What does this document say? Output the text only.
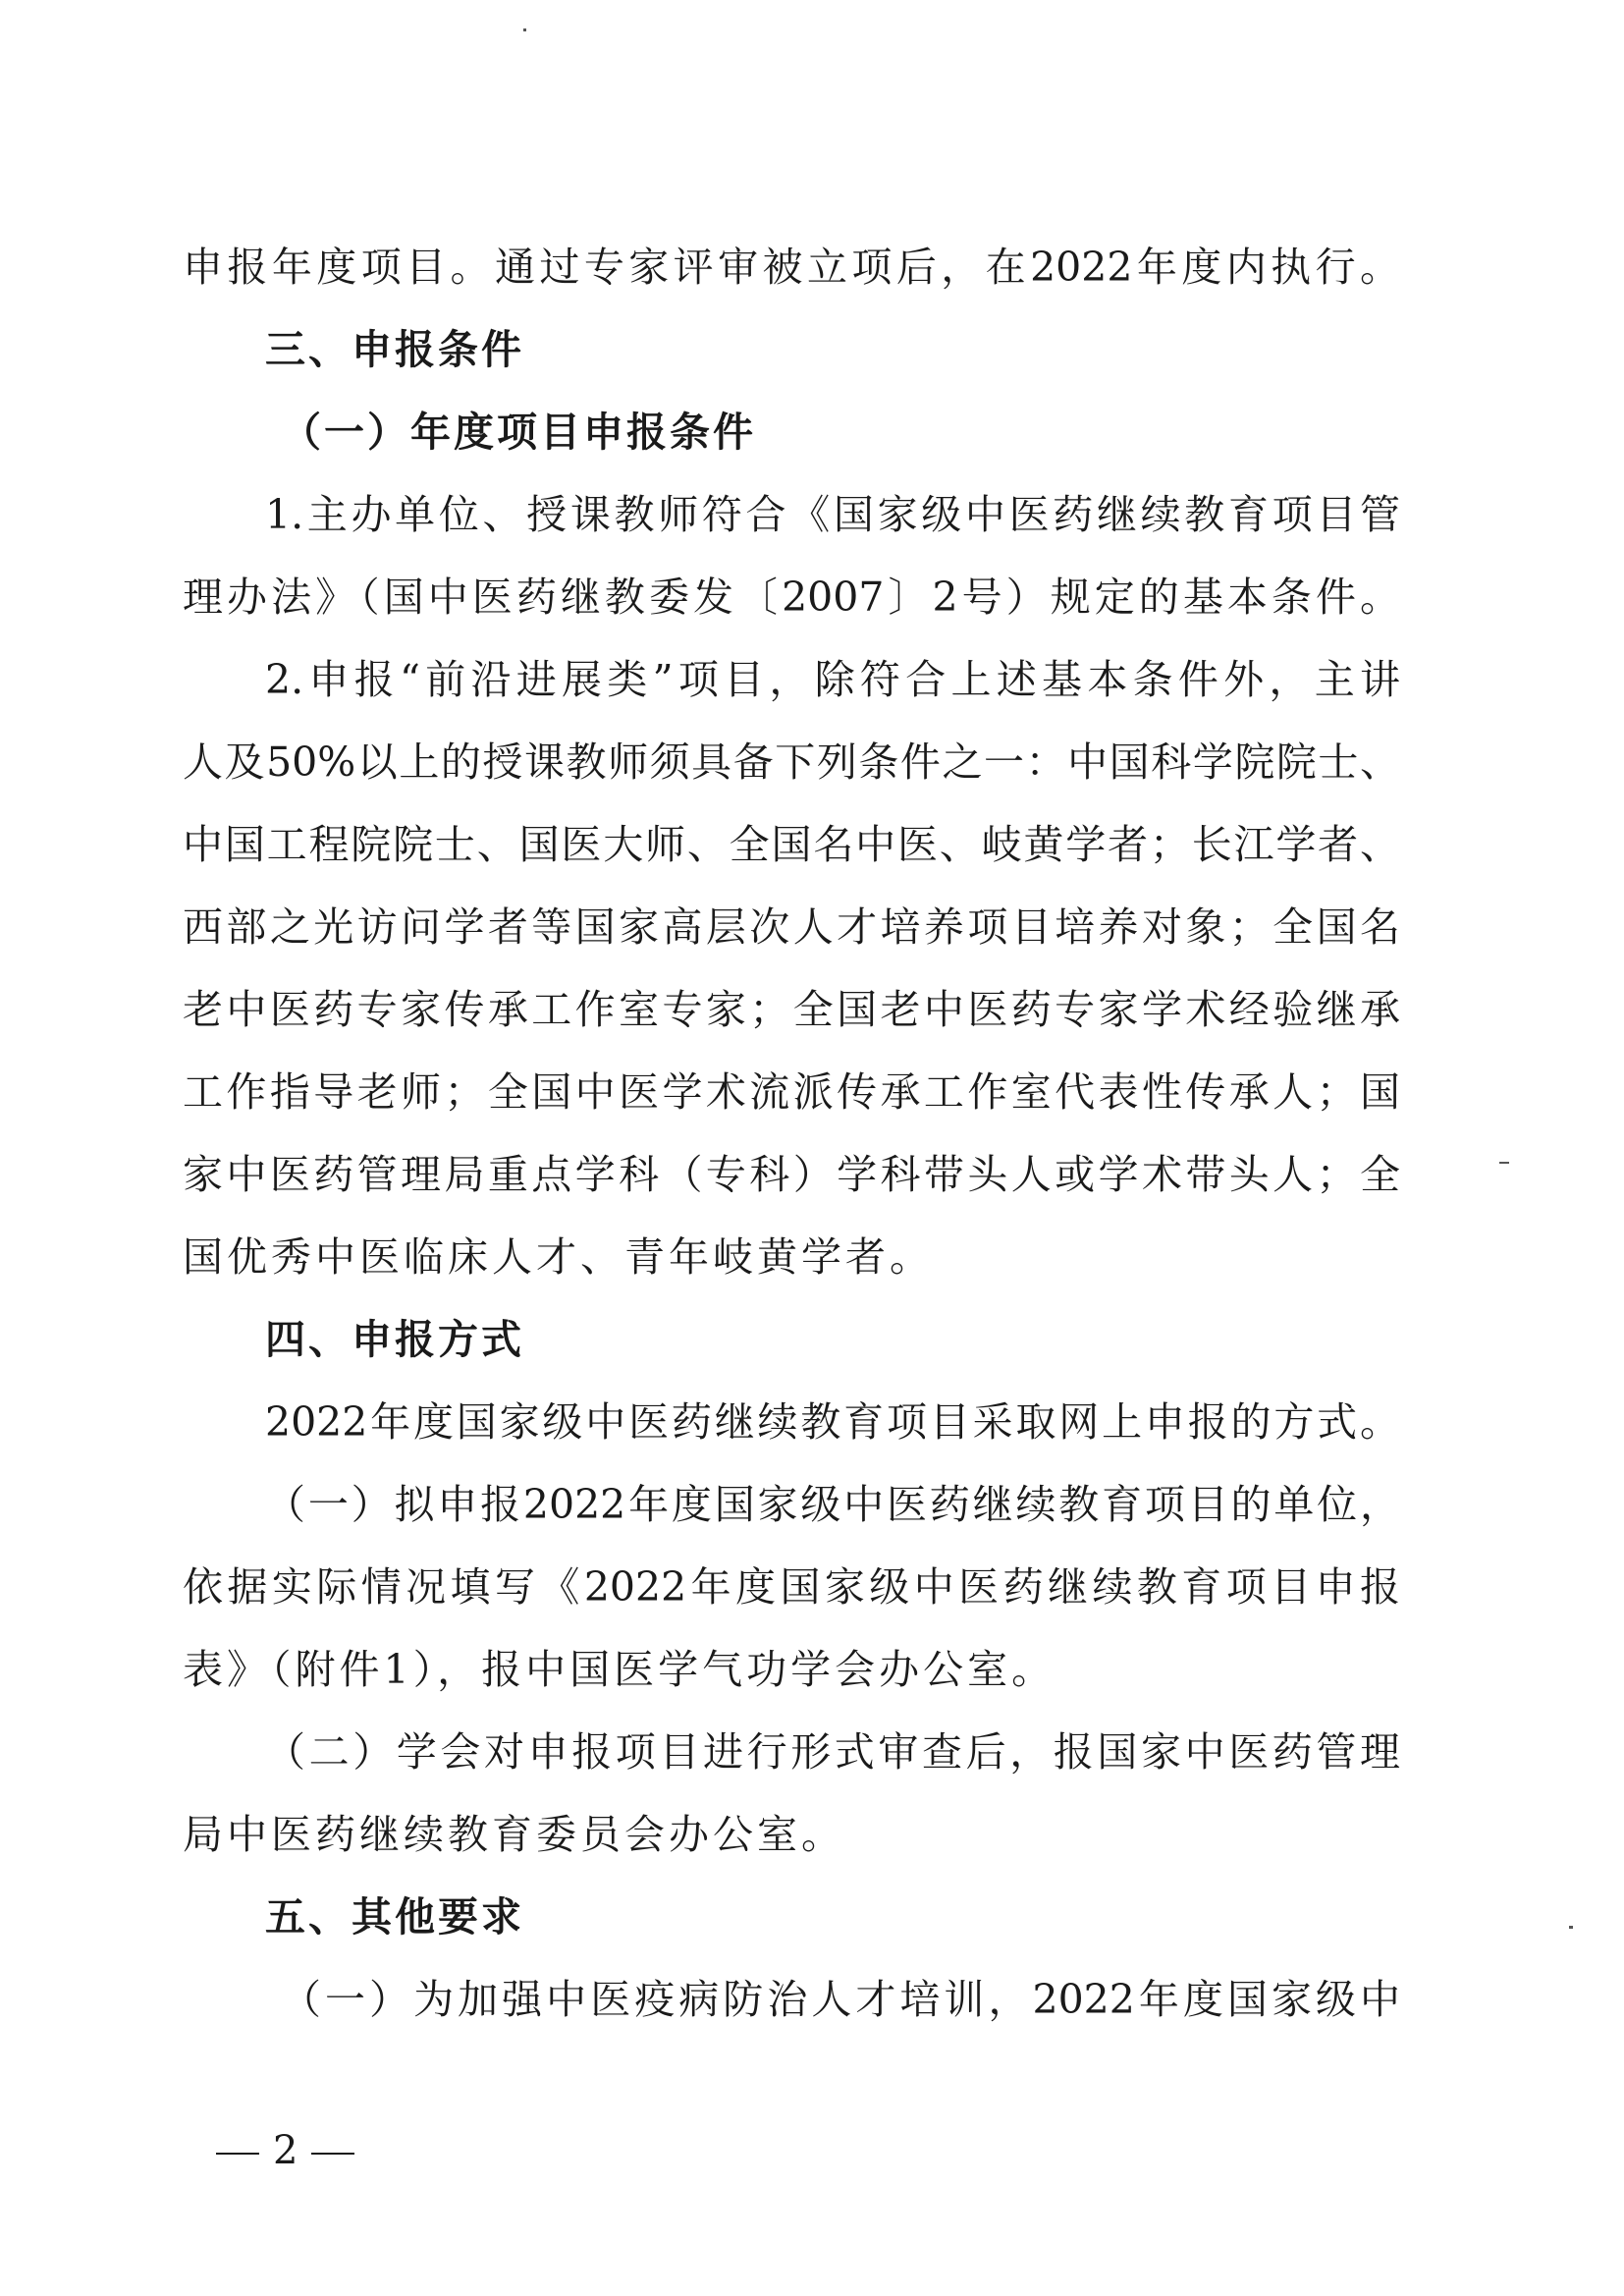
申报年度项目。通过专家评审被立项后，在2022年度内执行。
三、申报条件
（一）年度项目申报条件
1.主办单位、授课教师符合《国家级中医药继续教育项目管
理办法》（国中医药继教委发〔2007〕2号）规定的基本条件。
2.申报“前沿进展类”项目，除符合上述基本条件外，主讲
人及50%以上的授课教师须具备下列条件之一：中国科学院院士、
中国工程院院士、国医大师、全国名中医、岐黄学者；长江学者、
西部之光访问学者等国家高层次人才培养项目培养对象；全国名
老中医药专家传承工作室专家；全国老中医药专家学术经验继承
工作指导老师；全国中医学术流派传承工作室代表性传承人；国
家中医药管理局重点学科（专科）学科带头人或学术带头人；全
国优秀中医临床人才、青年岐黄学者。
四、申报方式
2022年度国家级中医药继续教育项目采取网上申报的方式。
（一）拟申报2022年度国家级中医药继续教育项目的单位，
依据实际情况填写《2022年度国家级中医药继续教育项目申报
表》（附件1），报中国医学气功学会办公室。
（二）学会对申报项目进行形式审查后，报国家中医药管理
局中医药继续教育委员会办公室。
五、其他要求
（一）为加强中医疫病防治人才培训，2022年度国家级中
2
